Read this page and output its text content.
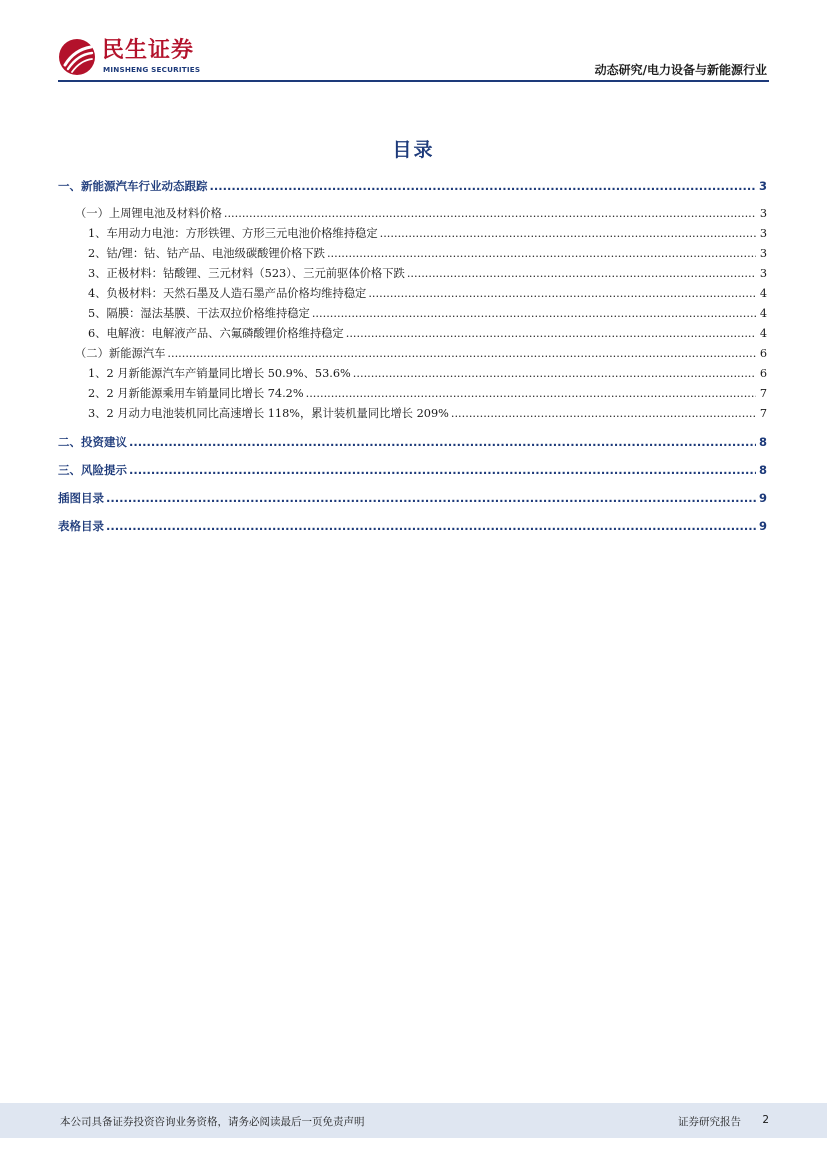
民生证券
MINSHENG SECURITIES	动态研究/电力设备与新能源行业
目录
一、新能源汽车行业动态跟踪 .....	3
（一）上周锂电池及材料价格 .....	3
1、车用动力电池：方形铁锂、方形三元电池价格维持稳定 .....	3
2、钴/锂：钴、钴产品、电池级碳酸锂价格下跌 .....	3
3、正极材料：钴酸锂、三元材料（523）、三元前驱体价格下跌 .....	3
4、负极材料：天然石墨及人造石墨产品价格均维持稳定 .....	4
5、隔膜：湿法基膜、干法双拉价格维持稳定 .....	4
6、电解液：电解液产品、六氟磷酸锂价格维持稳定 .....	4
（二）新能源汽车 .....	6
1、2 月新能源汽车产销量同比增长 50.9%、53.6% .....	6
2、2 月新能源乘用车销量同比增长 74.2% .....	7
3、2 月动力电池装机同比高速增长 118%，累计装机量同比增长 209% .....	7
二、投资建议 .....	8
三、风险提示 .....	8
插图目录 .....	9
表格目录 .....	9
本公司具备证券投资咨询业务资格，请务必阅读最后一页免责声明	证券研究报告 2
